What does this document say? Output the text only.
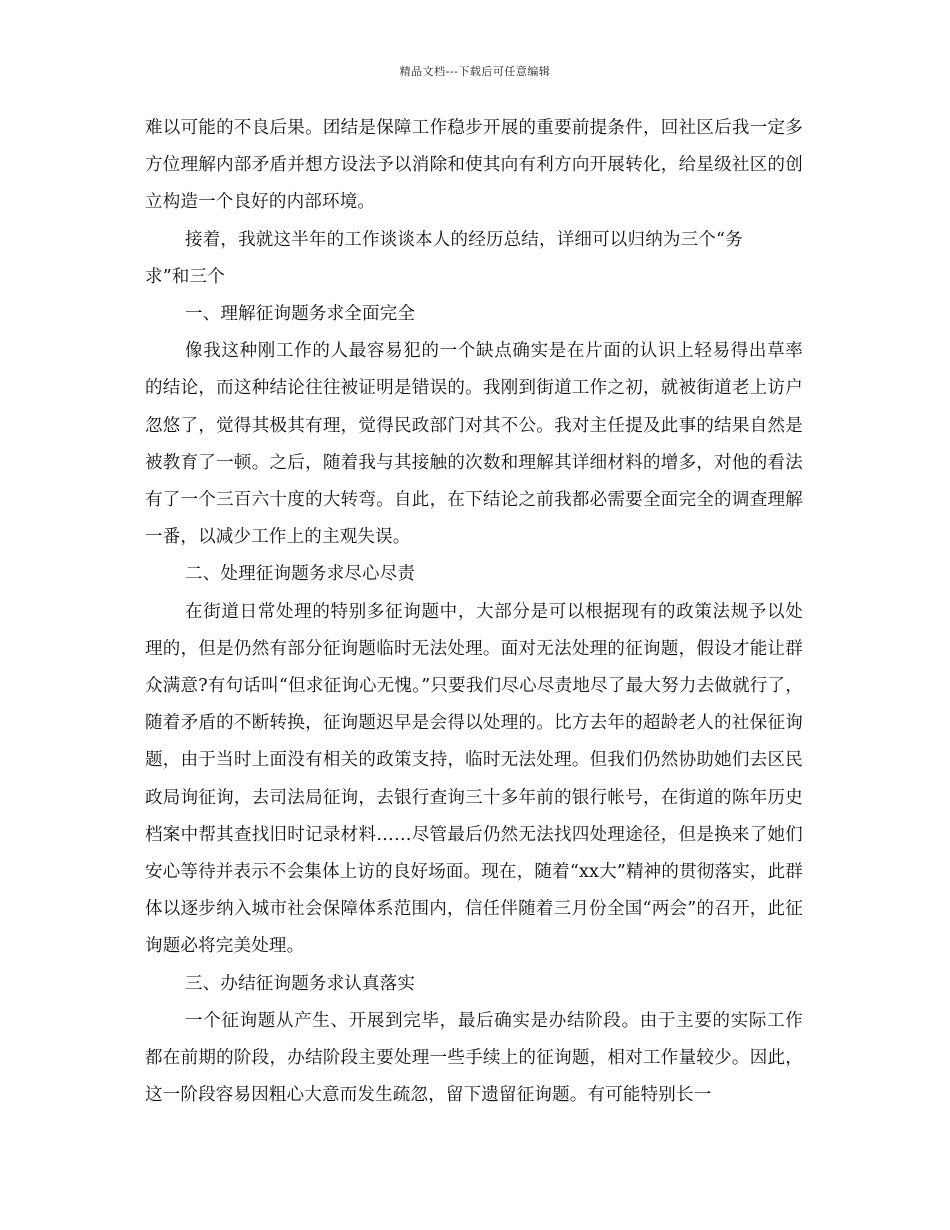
精品文档---下载后可任意编辑

难以可能的不良后果。团结是保障工作稳步开展的重要前提条件，回社区后我一定多方位理解内部矛盾并想方设法予以消除和使其向有利方向开展转化，给星级社区的创立构造一个良好的内部环境。

接着，我就这半年的工作谈谈本人的经历总结，详细可以归纳为三个“务

求”和三个

一、理解征询题务求全面完全

像我这种刚工作的人最容易犯的一个缺点确实是在片面的认识上轻易得出草率的结论，而这种结论往往被证明是错误的。我刚到街道工作之初，就被街道老上访户忽悠了，觉得其极其有理，觉得民政部门对其不公。我对主任提及此事的结果自然是被教育了一顿。之后，随着我与其接触的次数和理解其详细材料的增多，对他的看法有了一个三百六十度的大转弯。自此，在下结论之前我都必需要全面完全的调查理解一番，以减少工作上的主观失误。

二、处理征询题务求尽心尽责

在街道日常处理的特别多征询题中，大部分是可以根据现有的政策法规予以处理的，但是仍然有部分征询题临时无法处理。面对无法处理的征询题，假设才能让群众满意?有句话叫“但求征询心无愧。”只要我们尽心尽责地尽了最大努力去做就行了，随着矛盾的不断转换，征询题迟早是会得以处理的。比方去年的超龄老人的社保征询题，由于当时上面没有相关的政策支持，临时无法处理。但我们仍然协助她们去区民政局询征询，去司法局征询，去银行查询三十多年前的银行帐号，在街道的陈年历史档案中帮其查找旧时记录材料……尽管最后仍然无法找四处理途径，但是换来了她们安心等待并表示不会集体上访的良好场面。现在，随着“xx大”精神的贯彻落实，此群体以逐步纳入城市社会保障体系范围内，信任伴随着三月份全国“两会”的召开，此征询题必将完美处理。

三、办结征询题务求认真落实

一个征询题从产生、开展到完毕，最后确实是办结阶段。由于主要的实际工作都在前期的阶段，办结阶段主要处理一些手续上的征询题，相对工作量较少。因此，这一阶段容易因粗心大意而发生疏忽，留下遗留征询题。有可能特别长一
